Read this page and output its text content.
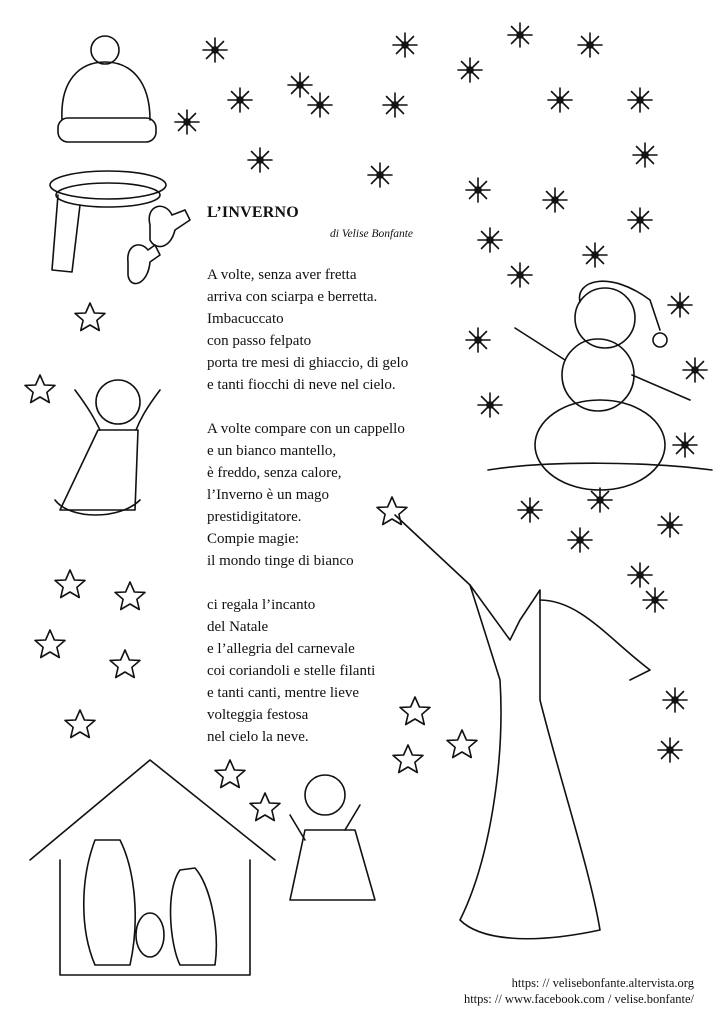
L’INVERNO
di Velise Bonfante
A volte, senza aver fretta
arriva con sciarpa e berretta.
Imbacuccato
con passo felpato
porta tre mesi di ghiaccio, di gelo
e tanti fiocchi di neve nel cielo.
A volte compare con un cappello
e un bianco mantello,
è freddo, senza calore,
l’Inverno è un mago
prestidigitatore.
Compie magie:
il mondo tinge di bianco
ci regala l’incanto
del Natale
e l’allegria del carnevale
coi coriandoli e stelle filanti
e tanti canti, mentre lieve
volteggia festosa
nel cielo la neve.
https: // velisebonfante.altervista.org
https: // www.facebook.com / velise.bonfante/
